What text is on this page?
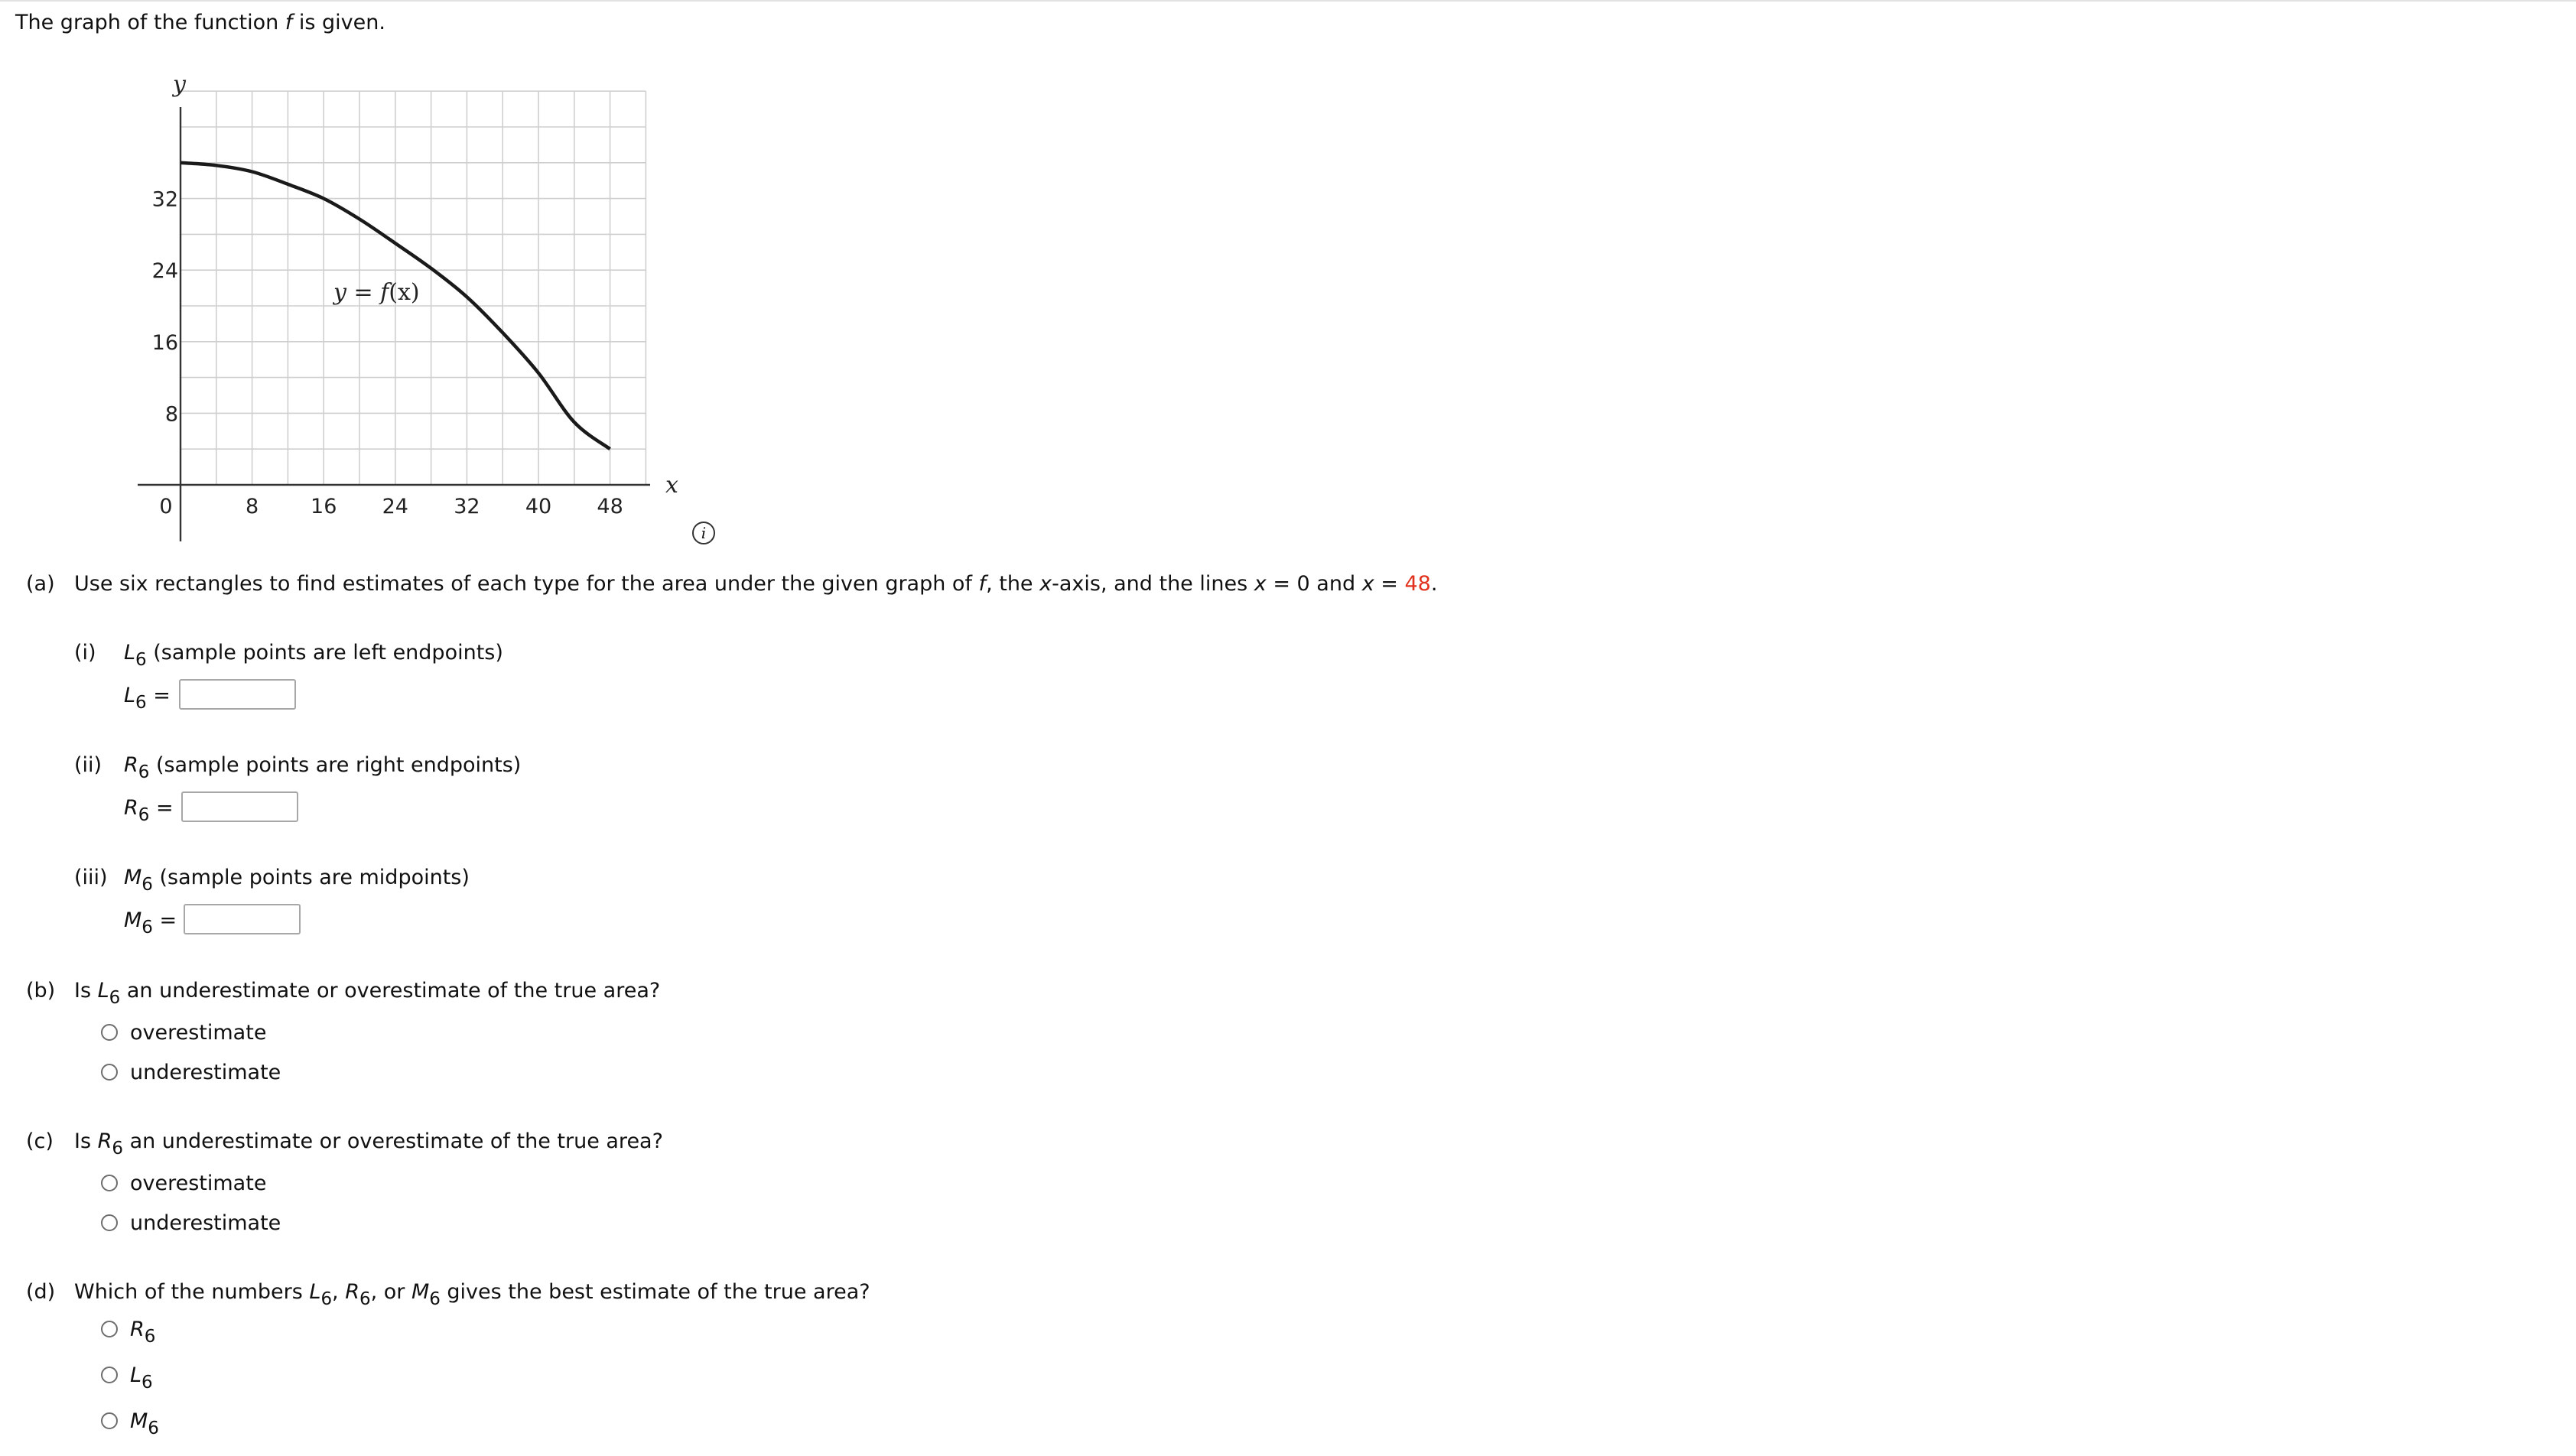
The graph of the function f is given.
0	8	16 24 32 40 48
8
16
24
32
y
x
y = f(x)
i
(a) Use six rectangles to find estimates of each type for the area under the given graph of f, the x-axis, and the lines x = 0 and x = 48.
(i) $L_6$ (sample points are left endpoints)
$L_6$ =
(ii) $R_6$ (sample points are right endpoints)
$R_6$ =
(iii) $M_6$ (sample points are midpoints)
$M_6$ =
(b) Is $L_6$ an underestimate or overestimate of the true area?
overestimate
underestimate
(c) Is $R_6$ an underestimate or overestimate of the true area?
overestimate
underestimate
(d) Which of the numbers $L_6$, $R_6$, or $M_6$ gives the best estimate of the true area?
$R_6$
$L_6$
$M_6$
